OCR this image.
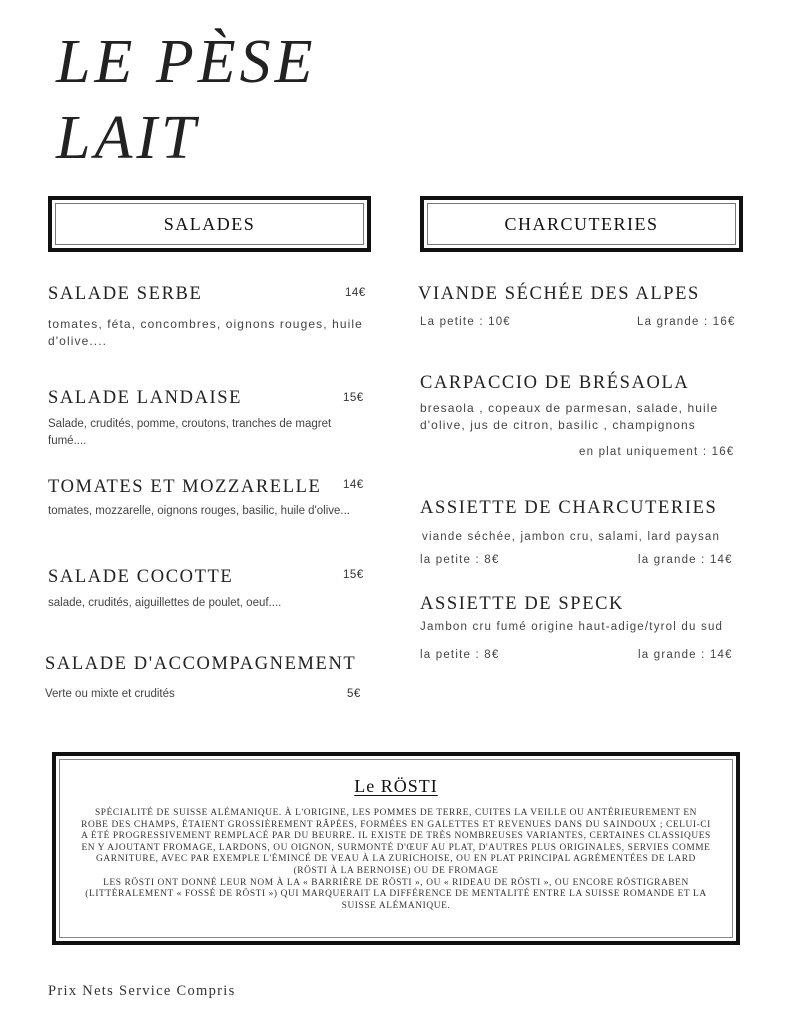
LE PÈSE
LAIT
SALADES	CHARCUTERIES
SALADE SERBE	14€
tomates, féta, concombres, oignons rouges, huile d'olive....
SALADE LANDAISE	15€
Salade, crudités, pomme, croutons, tranches de magret fumé....
TOMATES ET MOZZARELLE 14€
tomates, mozzarelle, oignons rouges, basilic, huile d'olive...
SALADE COCOTTE	15€
salade, crudités, aiguillettes de poulet, oeuf....
SALADE D'ACCOMPAGNEMENT
Verte ou mixte et crudités	5€
VIANDE SÉCHÉE DES ALPES
La petite : 10€	La grande : 16€
CARPACCIO DE BRÉSAOLA
bresaola , copeaux de parmesan, salade, huile d'olive, jus de citron, basilic , champignons
en plat uniquement : 16€
ASSIETTE DE CHARCUTERIES
viande séchée, jambon cru, salami, lard paysan
la petite : 8€	la grande : 14€
ASSIETTE DE SPECK
Jambon cru fumé origine haut-adige/tyrol du sud
la petite : 8€	la grande : 14€
Le RÖSTI
SPÉCIALITÉ DE SUISSE ALÉMANIQUE. À L'ORIGINE, LES POMMES DE TERRE, CUITES LA VEILLE OU ANTÉRIEUREMENT EN ROBE DES CHAMPS, ÉTAIENT GROSSIÈREMENT RÂPÉES, FORMÉES EN GALETTES ET REVENUES DANS DU SAINDOUX ; CELUI-CI A ÉTÉ PROGRESSIVEMENT REMPLACÉ PAR DU BEURRE. IL EXISTE DE TRÈS NOMBREUSES VARIANTES, CERTAINES CLASSIQUES EN Y AJOUTANT FROMAGE, LARDONS, OU OIGNON, SURMONTÉ D'ŒUF AU PLAT, D'AUTRES PLUS ORIGINALES, SERVIES COMME GARNITURE, AVEC PAR EXEMPLE L'ÉMINCÉ DE VEAU À LA ZURICHOISE, OU EN PLAT PRINCIPAL AGRÉMENTÉES DE LARD (RÖSTI À LA BERNOISE) OU DE FROMAGE
LES RÖSTI ONT DONNÉ LEUR NOM À LA « BARRIÈRE DE RÖSTI », OU « RIDEAU DE RÖSTI », OU ENCORE RÖSTIGRABEN (LITTÉRALEMENT « FOSSÉ DE RÖSTI ») QUI MARQUERAIT LA DIFFÉRENCE DE MENTALITÉ ENTRE LA SUISSE ROMANDE ET LA SUISSE ALÉMANIQUE.
Prix Nets Service Compris
